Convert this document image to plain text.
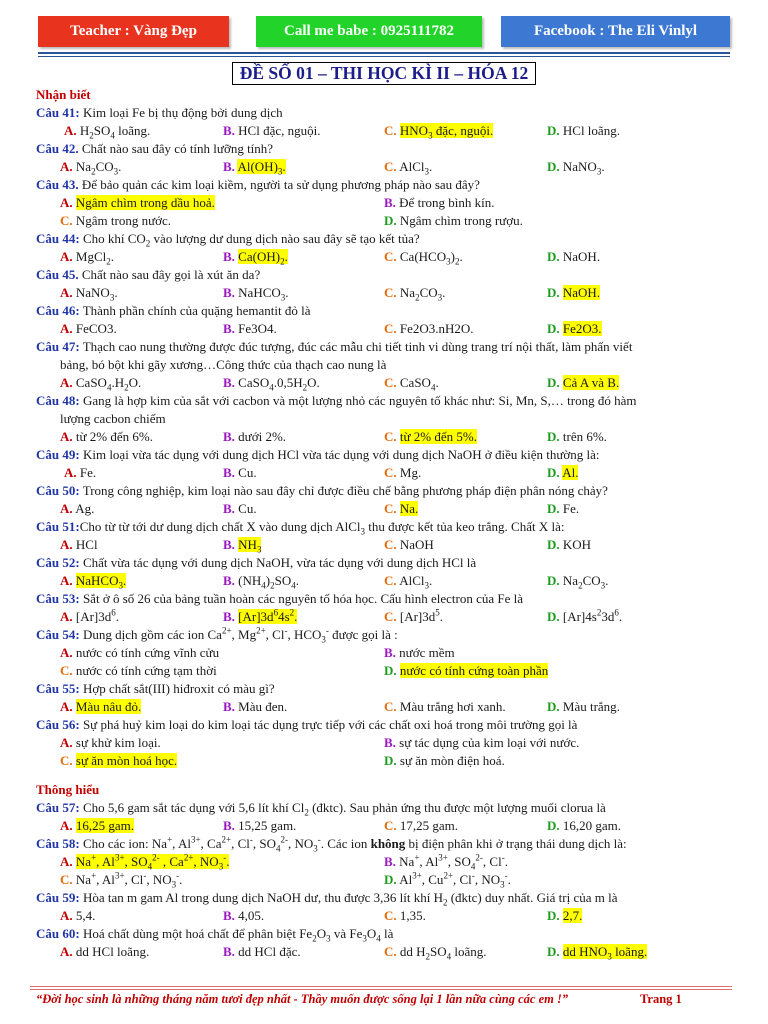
Teacher : Vàng Đẹp	Call me babe : 0925111782	Facebook : The Eli Vinlyl
ĐỀ SỐ 01 – THI HỌC KÌ II – HÓA 12
Nhận biết
Câu 41: Kim loại Fe bị thụ động bởi dung dịch
A. $H_2SO_4$ loãng.	B. HCl đặc, nguội.	C. $HNO_3$ đặc, nguội.	D. HCl loãng.
Câu 42. Chất nào sau đây có tính lưỡng tính?
A. $Na_2CO_3$.	B. $Al(OH)_3$.	C. AlCl$_3$.	D. NaNO$_3$.
Câu 43. Để bảo quản các kim loại kiềm, người ta sử dụng phương pháp nào sau đây?
A. Ngâm chìm trong dầu hoả.	B. Để trong bình kín.
C. Ngâm trong nước.	D. Ngâm chìm trong rượu.
Câu 44: Cho khí $CO_2$ vào lượng dư dung dịch nào sau đây sẽ tạo kết tủa?
A. MgCl$_2$.	B. $Ca(OH)_2$.	C. $Ca(HCO_3)_2$.	D. NaOH.
Câu 45. Chất nào sau đây gọi là xút ăn da?
A. NaNO$_3$.	B. NaHCO$_3$.	C. $Na_2CO_3$.	D. NaOH.
Câu 46: Thành phần chính của quặng hemantit đỏ là
A. FeCO3.	B. Fe3O4.	C. Fe2O3.nH2O.	D. Fe2O3.
Câu 47: Thạch cao nung thường được đúc tượng, đúc các mẫu chi tiết tinh vi dùng trang trí nội thất, làm phấn viết
bảng, bó bột khi gãy xương…Công thức của thạch cao nung là
A. $CaSO_4.H_2O$.	B. $CaSO_4.0,5H_2O$.	C. CaSO$_4$.	D. Cả A và B.
Câu 48: Gang là hợp kim của sắt với cacbon và một lượng nhỏ các nguyên tố khác như: Si, Mn, S,… trong đó hàm
lượng cacbon chiếm
A. từ 2% đến 6%.	B. dưới 2%.	C. từ 2% đến 5%.	D. trên 6%.
Câu 49: Kim loại vừa tác dụng với dung dịch HCl vừa tác dụng với dung dịch NaOH ở điều kiện thường là:
A. Fe.	B. Cu.	C. Mg.	D. Al.
Câu 50: Trong công nghiệp, kim loại nào sau đây chỉ được điều chế bằng phương pháp điện phân nóng chảy?
A. Ag.	B. Cu.	C. Na.	D. Fe.
Câu 51:Cho từ từ tới dư dung dịch chất X vào dung dịch AlCl$_3$ thu được kết tủa keo trắng. Chất X là:
A. HCl	B. $NH_3$	C. NaOH	D. KOH
Câu 52: Chất vừa tác dụng với dung dịch NaOH, vừa tác dụng với dung dịch HCl là
A. NaHCO$_3$.	B. $(NH_4)_2SO_4$.	C. AlCl$_3$.	D. $Na_2CO_3$.
Câu 53: Sắt ở ô số 26 của bảng tuần hoàn các nguyên tố hóa học. Cấu hình electron của Fe là
A. $[Ar]3d^6$.	B. $[Ar]3d^64s^2$.	C. $[Ar]3d^5$.	D. $[Ar]4s^23d^6$.
Câu 54: Dung dịch gồm các ion $Ca^{2+}$, $Mg^{2+}$, Cl-, $HCO_3^-$ được gọi là :
A. nước có tính cứng vĩnh cửu	B. nước mềm
C. nước có tính cứng tạm thời	D. nước có tính cứng toàn phần
Câu 55: Hợp chất sắt(III) hiđroxit có màu gì?
A. Màu nâu đỏ.	B. Màu đen.	C. Màu trắng hơi xanh.	D. Màu trắng.
Câu 56: Sự phá huỷ kim loại do kim loại tác dụng trực tiếp với các chất oxi hoá trong môi trường gọi là
A. sự khử kim loại.	B. sự tác dụng của kim loại với nước.
C. sự ăn mòn hoá học.	D. sự ăn mòn điện hoá.
Thông hiểu
Câu 57: Cho 5,6 gam sắt tác dụng với 5,6 lít khí $Cl_2$ (đktc). Sau phản ứng thu được một lượng muối clorua là
A. 16,25 gam.	B. 15,25 gam.	C. 17,25 gam.	D. 16,20 gam.
Câu 58: Cho các ion: Na+, $Al^{3+}$, $Ca^{2+}$, Cl-, $SO_4^{2-}$, $NO_3^-$. Các ion không bị điện phân khi ở trạng thái dung dịch là:
A. Na+, $Al^{3+}$, $SO_4^{2-}$ , $Ca^{2+}$, $NO_3^-$.	B. Na+, $Al^{3+}$, $SO_4^{2-}$, Cl-.
C. Na+, $Al^{3+}$, Cl-, $NO_3^-$.	D. $Al^{3+}$, $Cu^{2+}$, Cl-, $NO_3^-$.
Câu 59: Hòa tan m gam Al trong dung dịch NaOH dư, thu được 3,36 lít khí $H_2$ (đktc) duy nhất. Giá trị của m là
A. 5,4.	B. 4,05.	C. 1,35.	D. 2,7.
Câu 60: Hoá chất dùng một hoá chất để phân biệt $Fe_2O_3$ và $Fe_3O_4$ là
A. dd HCl loãng.	B. dd HCl đặc.	C. dd $H_2SO_4$ loãng.	D. dd $HNO_3$ loãng.
“Đời học sinh là những tháng năm tươi đẹp nhất - Thầy muốn được sống lại 1 lần nữa cùng các em !”	Trang 1
